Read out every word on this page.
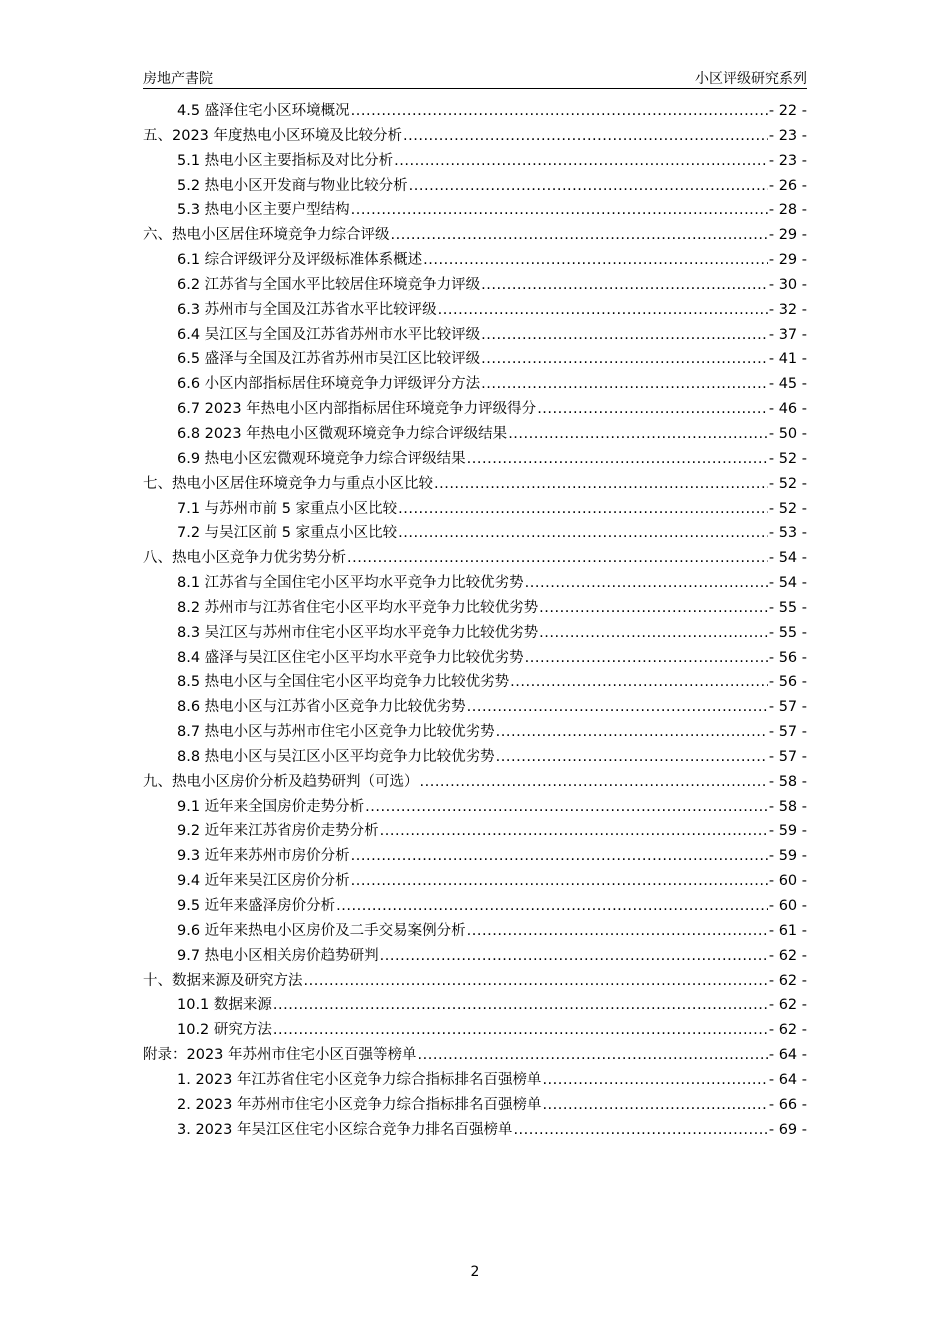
房地产書院	小区评级研究系列
4.5 盛泽住宅小区环境概况 .....	- 22 -
五、2023 年度热电小区环境及比较分析 .....	- 23 -
5.1 热电小区主要指标及对比分析 .....	- 23 -
5.2 热电小区开发商与物业比较分析 .....	- 26 -
5.3 热电小区主要户型结构 .....	- 28 -
六、热电小区居住环境竞争力综合评级 .....	- 29 -
6.1 综合评级评分及评级标准体系概述 .....	- 29 -
6.2 江苏省与全国水平比较居住环境竞争力评级 .....	- 30 -
6.3 苏州市与全国及江苏省水平比较评级 .....	- 32 -
6.4 吴江区与全国及江苏省苏州市水平比较评级 .....	- 37 -
6.5 盛泽与全国及江苏省苏州市吴江区比较评级 .....	- 41 -
6.6 小区内部指标居住环境竞争力评级评分方法 .....	- 45 -
6.7 2023 年热电小区内部指标居住环境竞争力评级得分 .....	- 46 -
6.8 2023 年热电小区微观环境竞争力综合评级结果 .....	- 50 -
6.9 热电小区宏微观环境竞争力综合评级结果 .....	- 52 -
七、热电小区居住环境竞争力与重点小区比较 .....	- 52 -
7.1 与苏州市前 5 家重点小区比较 .....	- 52 -
7.2 与吴江区前 5 家重点小区比较 .....	- 53 -
八、热电小区竞争力优劣势分析 .....	- 54 -
8.1 江苏省与全国住宅小区平均水平竞争力比较优劣势 .....	- 54 -
8.2 苏州市与江苏省住宅小区平均水平竞争力比较优劣势 .....	- 55 -
8.3 吴江区与苏州市住宅小区平均水平竞争力比较优劣势 .....	- 55 -
8.4 盛泽与吴江区住宅小区平均水平竞争力比较优劣势 .....	- 56 -
8.5 热电小区与全国住宅小区平均竞争力比较优劣势 .....	- 56 -
8.6 热电小区与江苏省小区竞争力比较优劣势 .....	- 57 -
8.7 热电小区与苏州市住宅小区竞争力比较优劣势 .....	- 57 -
8.8 热电小区与吴江区小区平均竞争力比较优劣势 .....	- 57 -
九、热电小区房价分析及趋势研判（可选） .....	- 58 -
9.1 近年来全国房价走势分析 .....	- 58 -
9.2 近年来江苏省房价走势分析 .....	- 59 -
9.3 近年来苏州市房价分析 .....	- 59 -
9.4 近年来吴江区房价分析 .....	- 60 -
9.5 近年来盛泽房价分析 .....	- 60 -
9.6 近年来热电小区房价及二手交易案例分析 .....	- 61 -
9.7 热电小区相关房价趋势研判 .....	- 62 -
十、数据来源及研究方法 .....	- 62 -
10.1 数据来源 .....	- 62 -
10.2 研究方法 .....	- 62 -
附录：2023 年苏州市住宅小区百强等榜单 .....	- 64 -
1. 2023 年江苏省住宅小区竞争力综合指标排名百强榜单 .....	- 64 -
2. 2023 年苏州市住宅小区竞争力综合指标排名百强榜单 .....	- 66 -
3. 2023 年吴江区住宅小区综合竞争力排名百强榜单 .....	- 69 -
2
